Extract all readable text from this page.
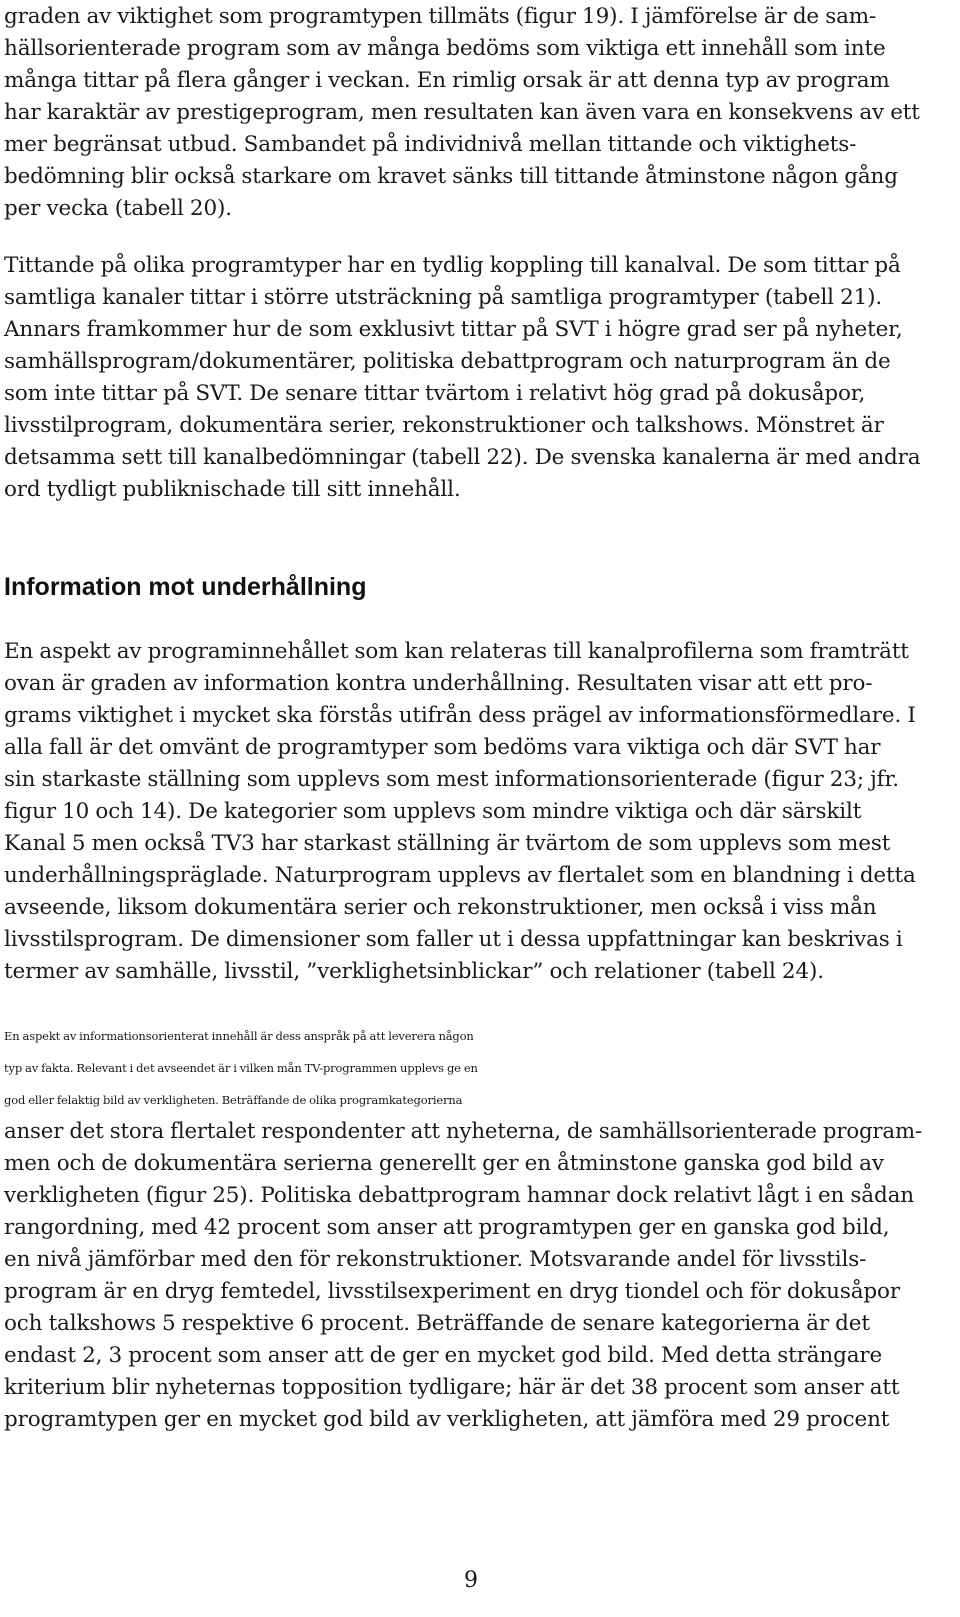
graden av viktighet som programtypen tillmäts (figur 19). I jämförelse är de sam-
hällsorienterade program som av många bedöms som viktiga ett innehåll som inte
många tittar på flera gånger i veckan. En rimlig orsak är att denna typ av program
har karaktär av prestigeprogram, men resultaten kan även vara en konsekvens av ett
mer begränsat utbud. Sambandet på individnivå mellan tittande och viktighets-
bedömning blir också starkare om kravet sänks till tittande åtminstone någon gång
per vecka (tabell 20).
Tittande på olika programtyper har en tydlig koppling till kanalval. De som tittar på
samtliga kanaler tittar i större utsträckning på samtliga programtyper (tabell 21).
Annars framkommer hur de som exklusivt tittar på SVT i högre grad ser på nyheter,
samhällsprogram/dokumentärer, politiska debattprogram och naturprogram än de
som inte tittar på SVT. De senare tittar tvärtom i relativt hög grad på dokusåpor,
livsstilprogram, dokumentära serier, rekonstruktioner och talkshows. Mönstret är
detsamma sett till kanalbedömningar (tabell 22). De svenska kanalerna är med andra
ord tydligt publiknischade till sitt innehåll.
Information mot underhållning
En aspekt av programinnehållet som kan relateras till kanalprofilerna som framträtt
ovan är graden av information kontra underhållning. Resultaten visar att ett pro-
grams viktighet i mycket ska förstås utifrån dess prägel av informationsförmedlare. I
alla fall är det omvänt de programtyper som bedöms vara viktiga och där SVT har
sin starkaste ställning som upplevs som mest informationsorienterade (figur 23; jfr.
figur 10 och 14). De kategorier som upplevs som mindre viktiga och där särskilt
Kanal 5 men också TV3 har starkast ställning är tvärtom de som upplevs som mest
underhållningspräglade. Naturprogram upplevs av flertalet som en blandning i detta
avseende, liksom dokumentära serier och rekonstruktioner, men också i viss mån
livsstilsprogram. De dimensioner som faller ut i dessa uppfattningar kan beskrivas i
termer av samhälle, livsstil, ”verklighetsinblickar” och relationer (tabell 24).
En aspekt av informationsorienterat innehåll är dess anspråk på att leverera någon
typ av fakta. Relevant i det avseendet är i vilken mån TV-programmen upplevs ge en
god eller felaktig bild av verkligheten. Beträffande de olika programkategorierna
anser det stora flertalet respondenter att nyheterna, de samhällsorienterade program-
men och de dokumentära serierna generellt ger en åtminstone ganska god bild av
verkligheten (figur 25). Politiska debattprogram hamnar dock relativt lågt i en sådan
rangordning, med 42 procent som anser att programtypen ger en ganska god bild,
en nivå jämförbar med den för rekonstruktioner. Motsvarande andel för livsstils-
program är en dryg femtedel, livsstilsexperiment en dryg tiondel och för dokusåpor
och talkshows 5 respektive 6 procent. Beträffande de senare kategorierna är det
endast 2, 3 procent som anser att de ger en mycket god bild. Med detta strängare
kriterium blir nyheternas topposition tydligare; här är det 38 procent som anser att
programtypen ger en mycket god bild av verkligheten, att jämföra med 29 procent

9
